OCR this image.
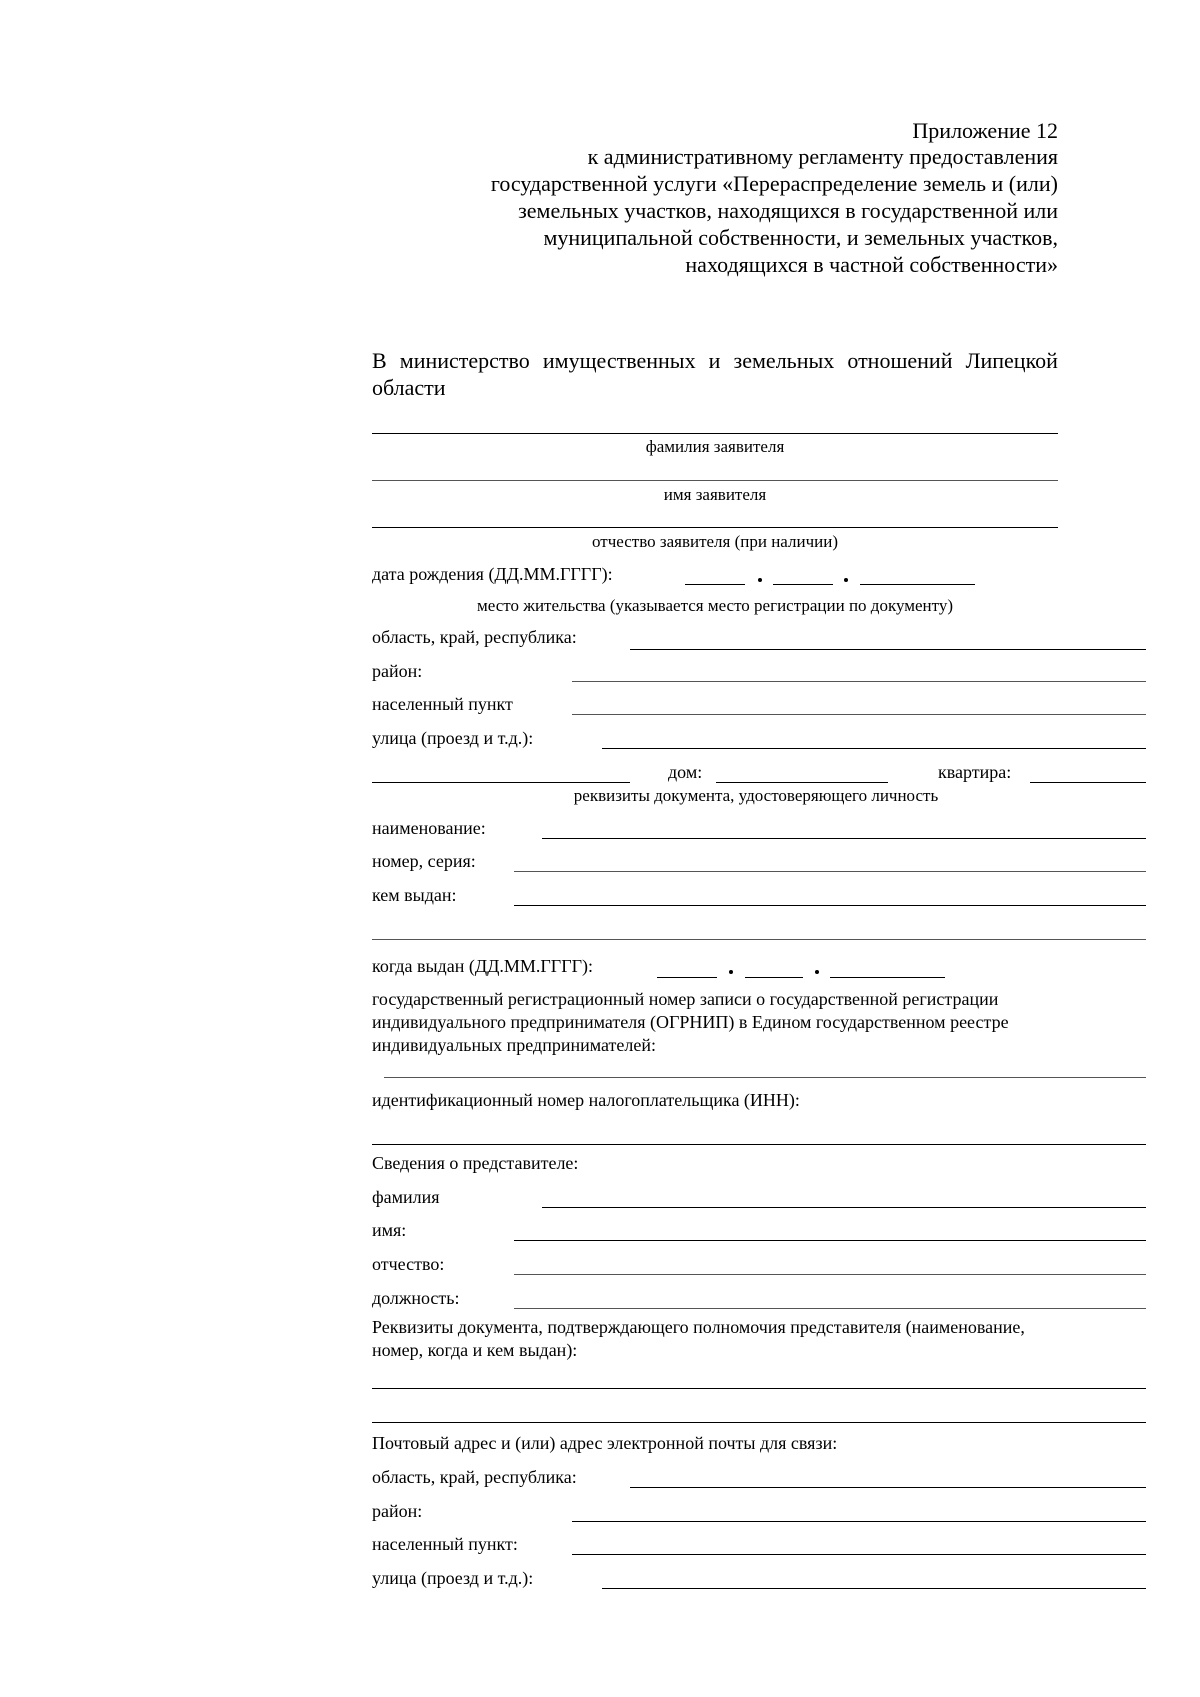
Приложение 12
к административному регламенту предоставления
государственной услуги «Перераспределение земель и (или)
земельных участков, находящихся в государственной или
муниципальной собственности, и земельных участков,
находящихся в частной собственности»
В министерство имущественных и земельных отношений Липецкой
области
фамилия заявителя
имя заявителя
отчество заявителя (при наличии)
дата рождения (ДД.ММ.ГГГГ):
место жительства (указывается место регистрации по документу)
область, край, республика:
район:
населенный пункт
улица (проезд и т.д.):
дом:	квартира:
реквизиты документа, удостоверяющего личность
наименование:
номер, серия:
кем выдан:
когда выдан (ДД.ММ.ГГГГ):
государственный регистрационный номер записи о государственной регистрации
индивидуального предпринимателя (ОГРНИП) в Едином государственном реестре
индивидуальных предпринимателей:
идентификационный номер налогоплательщика (ИНН):
Сведения о представителе:
фамилия
имя:
отчество:
должность:
Реквизиты документа, подтверждающего полномочия представителя (наименование,
номер, когда и кем выдан):
Почтовый адрес и (или) адрес электронной почты для связи:
область, край, республика:
район:
населенный пункт:
улица (проезд и т.д.):
